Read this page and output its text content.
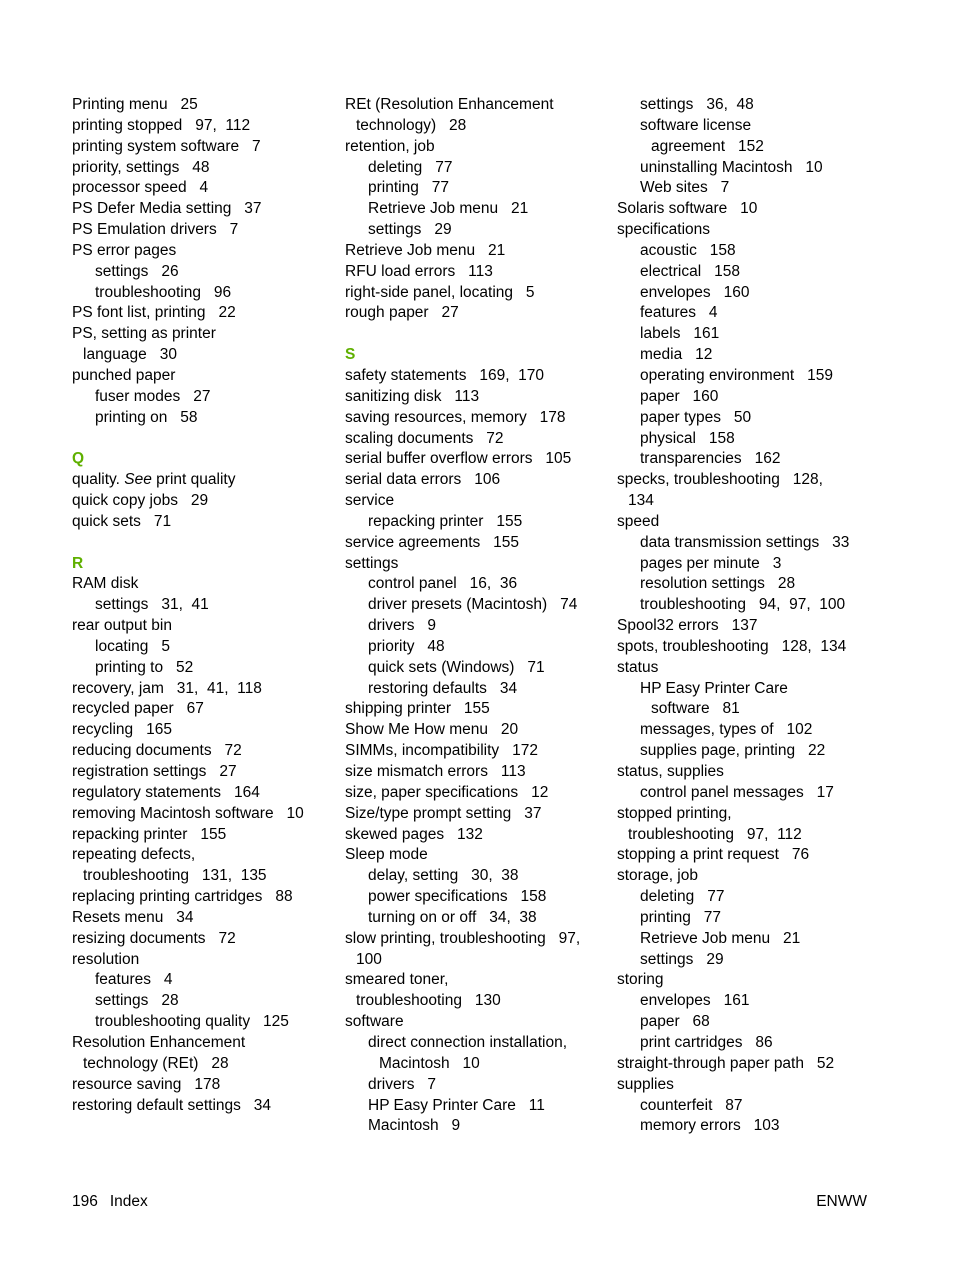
Printing menu   25
printing stopped   97,  112
printing system software   7
priority, settings   48
processor speed   4
PS Defer Media setting   37
PS Emulation drivers   7
PS error pages
settings   26
troubleshooting   96
PS font list, printing   22
PS, setting as printer
language   30
punched paper
fuser modes   27
printing on   58
Q
quality. See print quality
quick copy jobs   29
quick sets   71
R
RAM disk
settings   31,  41
rear output bin
locating   5
printing to   52
recovery, jam   31,  41,  118
recycled paper   67
recycling   165
reducing documents   72
registration settings   27
regulatory statements   164
removing Macintosh software   10
repacking printer   155
repeating defects,
troubleshooting   131,  135
replacing printing cartridges   88
Resets menu   34
resizing documents   72
resolution
features   4
settings   28
troubleshooting quality   125
Resolution Enhancement
technology (REt)   28
resource saving   178
restoring default settings   34
REt (Resolution Enhancement
technology)   28
retention, job
deleting   77
printing   77
Retrieve Job menu   21
settings   29
Retrieve Job menu   21
RFU load errors   113
right-side panel, locating   5
rough paper   27
S
safety statements   169,  170
sanitizing disk   113
saving resources, memory   178
scaling documents   72
serial buffer overflow errors   105
serial data errors   106
service
repacking printer   155
service agreements   155
settings
control panel   16,  36
driver presets (Macintosh)   74
drivers   9
priority   48
quick sets (Windows)   71
restoring defaults   34
shipping printer   155
Show Me How menu   20
SIMMs, incompatibility   172
size mismatch errors   113
size, paper specifications   12
Size/type prompt setting   37
skewed pages   132
Sleep mode
delay, setting   30,  38
power specifications   158
turning on or off   34,  38
slow printing, troubleshooting   97,
100
smeared toner,
troubleshooting   130
software
direct connection installation,
Macintosh   10
drivers   7
HP Easy Printer Care   11
Macintosh   9
settings   36,  48
software license
agreement   152
uninstalling Macintosh   10
Web sites   7
Solaris software   10
specifications
acoustic   158
electrical   158
envelopes   160
features   4
labels   161
media   12
operating environment   159
paper   160
paper types   50
physical   158
transparencies   162
specks, troubleshooting   128,
134
speed
data transmission settings   33
pages per minute   3
resolution settings   28
troubleshooting   94,  97,  100
Spool32 errors   137
spots, troubleshooting   128,  134
status
HP Easy Printer Care
software   81
messages, types of   102
supplies page, printing   22
status, supplies
control panel messages   17
stopped printing,
troubleshooting   97,  112
stopping a print request   76
storage, job
deleting   77
printing   77
Retrieve Job menu   21
settings   29
storing
envelopes   161
paper   68
print cartridges   86
straight-through paper path   52
supplies
counterfeit   87
memory errors   103
196 Index	ENWW
